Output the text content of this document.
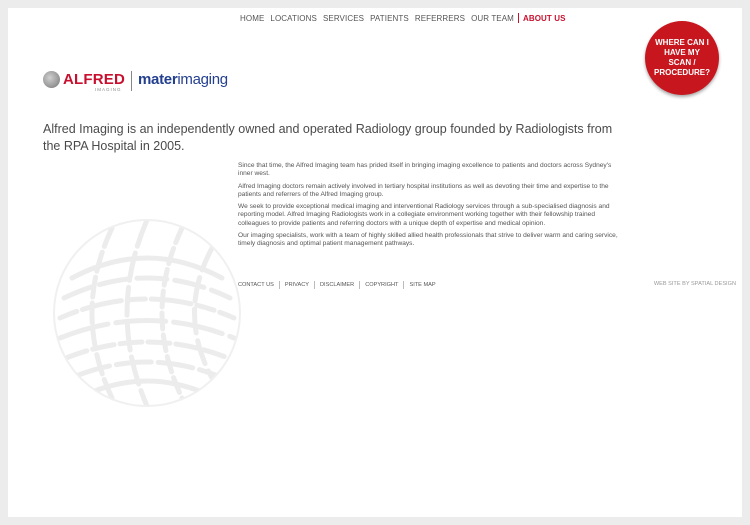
HOME LOCATIONS SERVICES PATIENTS REFERRERS OUR TEAM	ABOUT US
WHERE CAN I HAVE MY SCAN / PROCEDURE?
ALFRED
IMAGING
materimaging
Alfred Imaging is an independently owned and operated Radiology group founded by Radiologists from the RPA Hospital in 2005.

Since that time, the Alfred Imaging team has prided itself in bringing imaging excellence to patients and doctors across Sydney's inner west.

Alfred Imaging doctors remain actively involved in tertiary hospital institutions as well as devoting their time and expertise to the patients and referrers of the Alfred Imaging group.

We seek to provide exceptional medical imaging and interventional Radiology services through a sub-specialised diagnosis and reporting model. Alfred Imaging Radiologists work in a collegiate environment working together with their fellowship trained colleagues to provide patients and referring doctors with a unique depth of expertise and medical opinion.

Our imaging specialists, work with a team of highly skilled allied health professionals that strive to deliver warm and caring service, timely diagnosis and optimal patient management pathways.

CONTACT US	PRIVACY	DISCLAIMER	COPYRIGHT	SITE MAP	WEB SITE BY SPATIAL DESIGN
